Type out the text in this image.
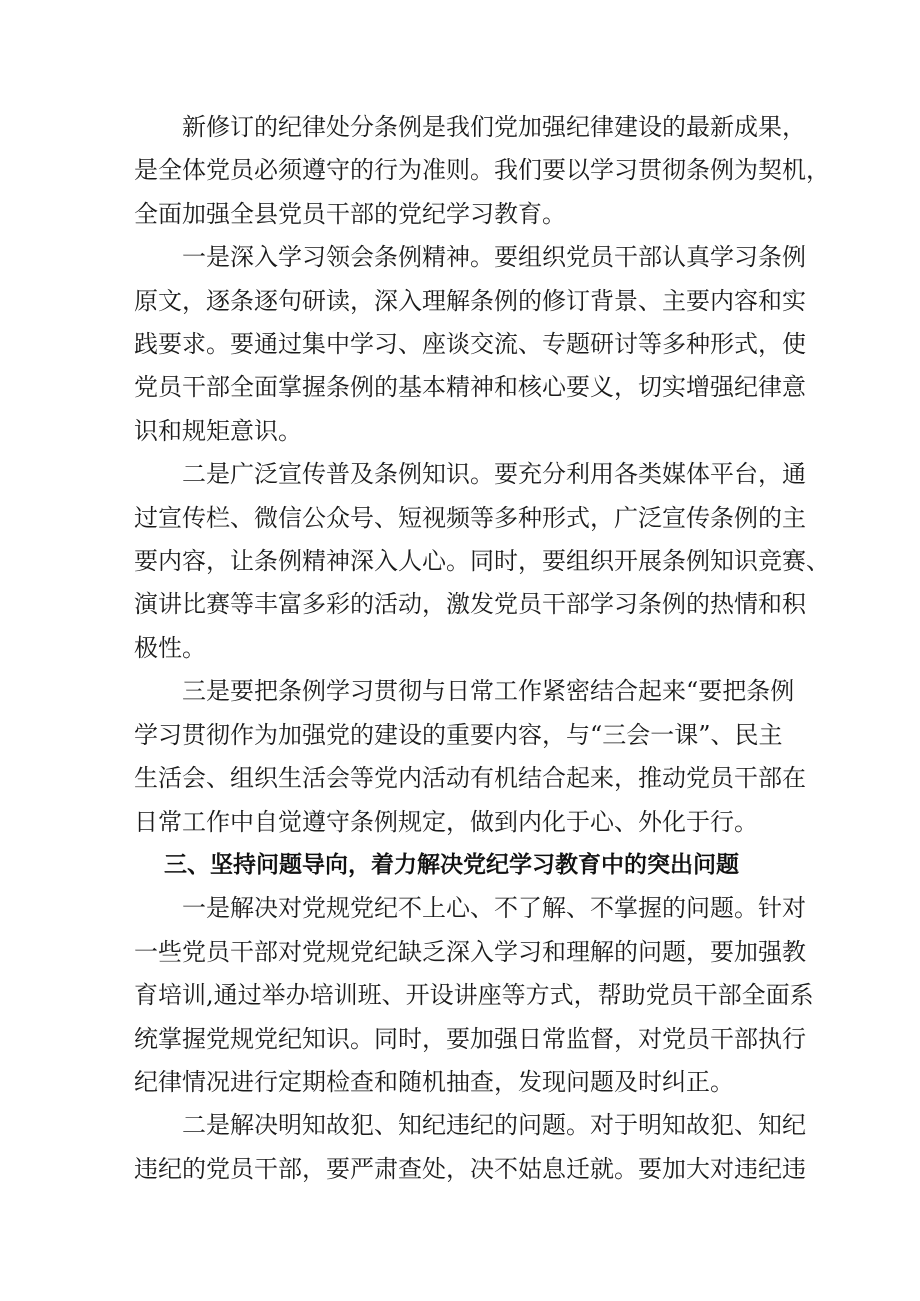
新修订的纪律处分条例是我们党加强纪律建设的最新成果，
是全体党员必须遵守的行为准则。我们要以学习贯彻条例为契机，
全面加强全县党员干部的党纪学习教育。

一是深入学习领会条例精神。要组织党员干部认真学习条例
原文，逐条逐句研读，深入理解条例的修订背景、主要内容和实
践要求。要通过集中学习、座谈交流、专题研讨等多种形式，使
党员干部全面掌握条例的基本精神和核心要义，切实增强纪律意
识和规矩意识。

二是广泛宣传普及条例知识。要充分利用各类媒体平台，通
过宣传栏、微信公众号、短视频等多种形式，广泛宣传条例的主
要内容，让条例精神深入人心。同时，要组织开展条例知识竞赛、
演讲比赛等丰富多彩的活动，激发党员干部学习条例的热情和积
极性。

三是要把条例学习贯彻与日常工作紧密结合起来“要把条例
学习贯彻作为加强党的建设的重要内容，与“三会一课”、民主
生活会、组织生活会等党内活动有机结合起来，推动党员干部在
日常工作中自觉遵守条例规定，做到内化于心、外化于行。

三、坚持问题导向，着力解决党纪学习教育中的突出问题

一是解决对党规党纪不上心、不了解、不掌握的问题。针对
一些党员干部对党规党纪缺乏深入学习和理解的问题，要加强教
育培训,通过举办培训班、开设讲座等方式，帮助党员干部全面系
统掌握党规党纪知识。同时，要加强日常监督，对党员干部执行
纪律情况进行定期检查和随机抽查，发现问题及时纠正。

二是解决明知故犯、知纪违纪的问题。对于明知故犯、知纪
违纪的党员干部，要严肃查处，决不姑息迁就。要加大对违纪违
